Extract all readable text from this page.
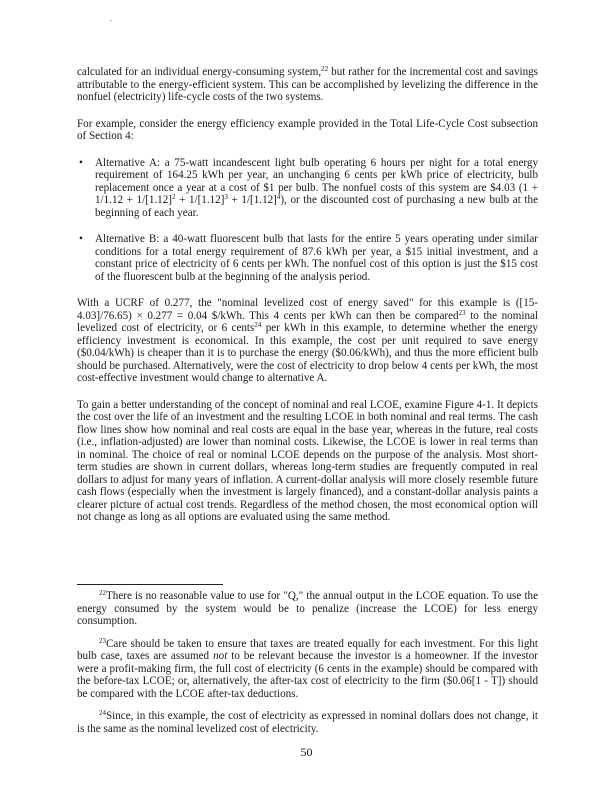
calculated for an individual energy-consuming system,$^{22}$ but rather for the incremental cost and savings attributable to the energy-efficient system. This can be accomplished by levelizing the difference in the nonfuel (electricity) life-cycle costs of the two systems.

For example, consider the energy efficiency example provided in the Total Life-Cycle Cost subsection of Section 4:

• Alternative A: a 75-watt incandescent light bulb operating 6 hours per night for a total energy requirement of 164.25 kWh per year, an unchanging 6 cents per kWh price of electricity, bulb replacement once a year at a cost of $1 per bulb. The nonfuel costs of this system are $4.03 $(1 + 1/1.12 + 1/[1.12]^2 + 1/[1.12]^3 + 1/[1.12]^4)$, or the discounted cost of purchasing a new bulb at the beginning of each year.

• Alternative B: a 40-watt fluorescent bulb that lasts for the entire 5 years operating under similar conditions for a total energy requirement of 87.6 kWh per year, a $15 initial investment, and a constant price of electricity of 6 cents per kWh. The nonfuel cost of this option is just the $15 cost of the fluorescent bulb at the beginning of the analysis period.

With a UCRF of 0.277, the "nominal levelized cost of energy saved" for this example is ([15-4.03]/76.65) × 0.277 = 0.04 $/kWh. This 4 cents per kWh can then be compared$^{23}$ to the nominal levelized cost of electricity, or 6 cents$^{24}$ per kWh in this example, to determine whether the energy efficiency investment is economical. In this example, the cost per unit required to save energy ($0.04/kWh) is cheaper than it is to purchase the energy ($0.06/kWh), and thus the more efficient bulb should be purchased. Alternatively, were the cost of electricity to drop below 4 cents per kWh, the most cost-effective investment would change to alternative A.

To gain a better understanding of the concept of nominal and real LCOE, examine Figure 4-1. It depicts the cost over the life of an investment and the resulting LCOE in both nominal and real terms. The cash flow lines show how nominal and real costs are equal in the base year, whereas in the future, real costs (i.e., inflation-adjusted) are lower than nominal costs. Likewise, the LCOE is lower in real terms than in nominal. The choice of real or nominal LCOE depends on the purpose of the analysis. Most short-term studies are shown in current dollars, whereas long-term studies are frequently computed in real dollars to adjust for many years of inflation. A current-dollar analysis will more closely resemble future cash flows (especially when the investment is largely financed), and a constant-dollar analysis paints a clearer picture of actual cost trends. Regardless of the method chosen, the most economical option will not change as long as all options are evaluated using the same method.

$^{22}$There is no reasonable value to use for "Q," the annual output in the LCOE equation. To use the energy consumed by the system would be to penalize (increase the LCOE) for less energy consumption.

$^{23}$Care should be taken to ensure that taxes are treated equally for each investment. For this light bulb case, taxes are assumed not to be relevant because the investor is a homeowner. If the investor were a profit-making firm, the full cost of electricity (6 cents in the example) should be compared with the before-tax LCOE; or, alternatively, the after-tax cost of electricity to the firm ($0.06[1 - T]) should be compared with the LCOE after-tax deductions.

$^{24}$Since, in this example, the cost of electricity as expressed in nominal dollars does not change, it is the same as the nominal levelized cost of electricity.

50
